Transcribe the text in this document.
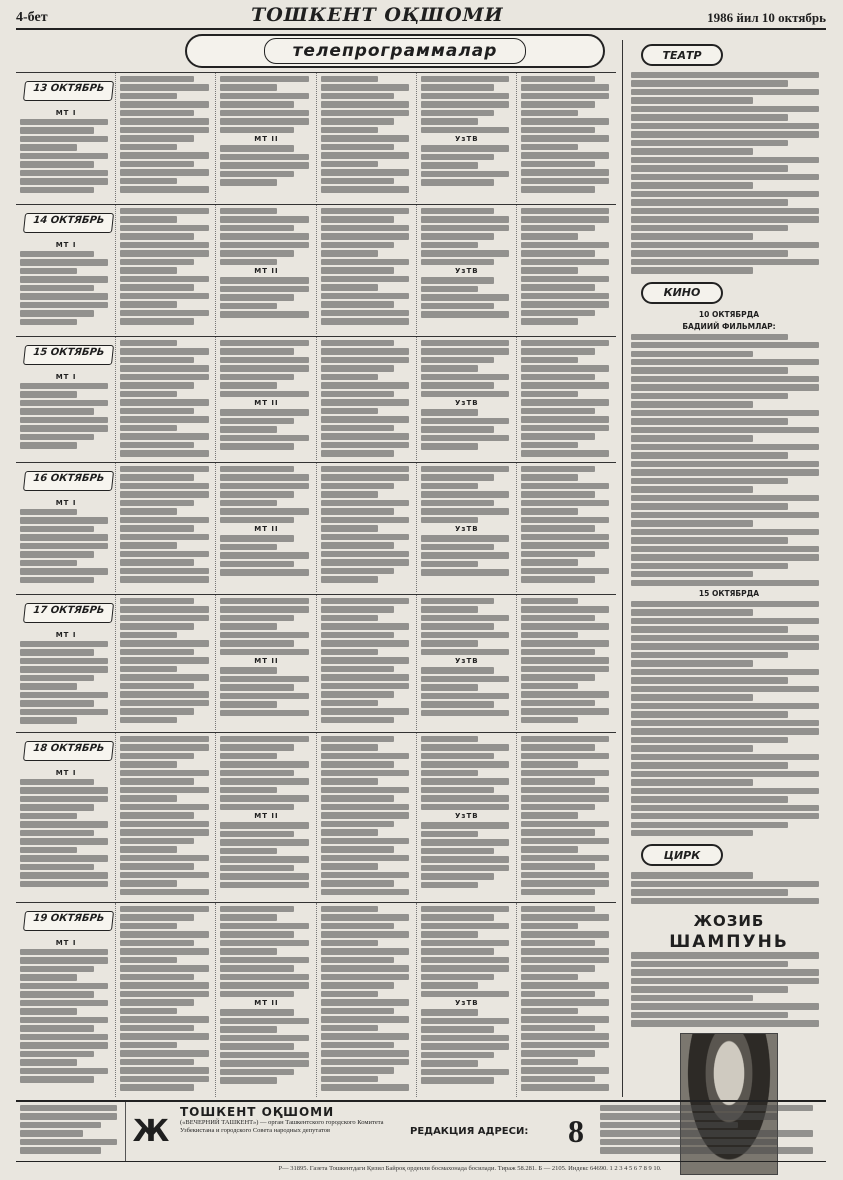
4-бет	ТОШКЕНТ ОҚШОМИ	1986 йил 10 октябрь
телепрограммалар
МТ I
МТ II	УзТВ
13 ОКТЯБРЬ
МТ I
МТ II	УзТВ
14 ОКТЯБРЬ
МТ I
МТ II	УзТВ
15 ОКТЯБРЬ
МТ I
МТ II	УзТВ
16 ОКТЯБРЬ
МТ I
МТ II	УзТВ
17 ОКТЯБРЬ
МТ I
МТ II	УзТВ
18 ОКТЯБРЬ
МТ I
МТ II	УзТВ
19 ОКТЯБРЬ
ТЕАТР
КИНО
10 ОКТЯБРДА
БАДИИЙ ФИЛЬМЛАР:
15 ОКТЯБРДА
ЦИРК
ЖОЗИБ
ШАМПУНЬ
Ж
ТОШКЕНТ ОҚШОМИ
(«ВЕЧЕРНИЙ ТАШКЕНТ») — орган Ташкентского городского Комитета Узбекистана и городского Совета народных депутатов	РЕДАКЦИЯ АДРЕСИ:	8
Р— 31895. Газета Тошкентдаги Қизил Байроқ орденли босмахонада босилади. Тираж 58.281. Б — 2105. Индекс 64690. 1 2 3 4 5 6 7 8 9 10.
